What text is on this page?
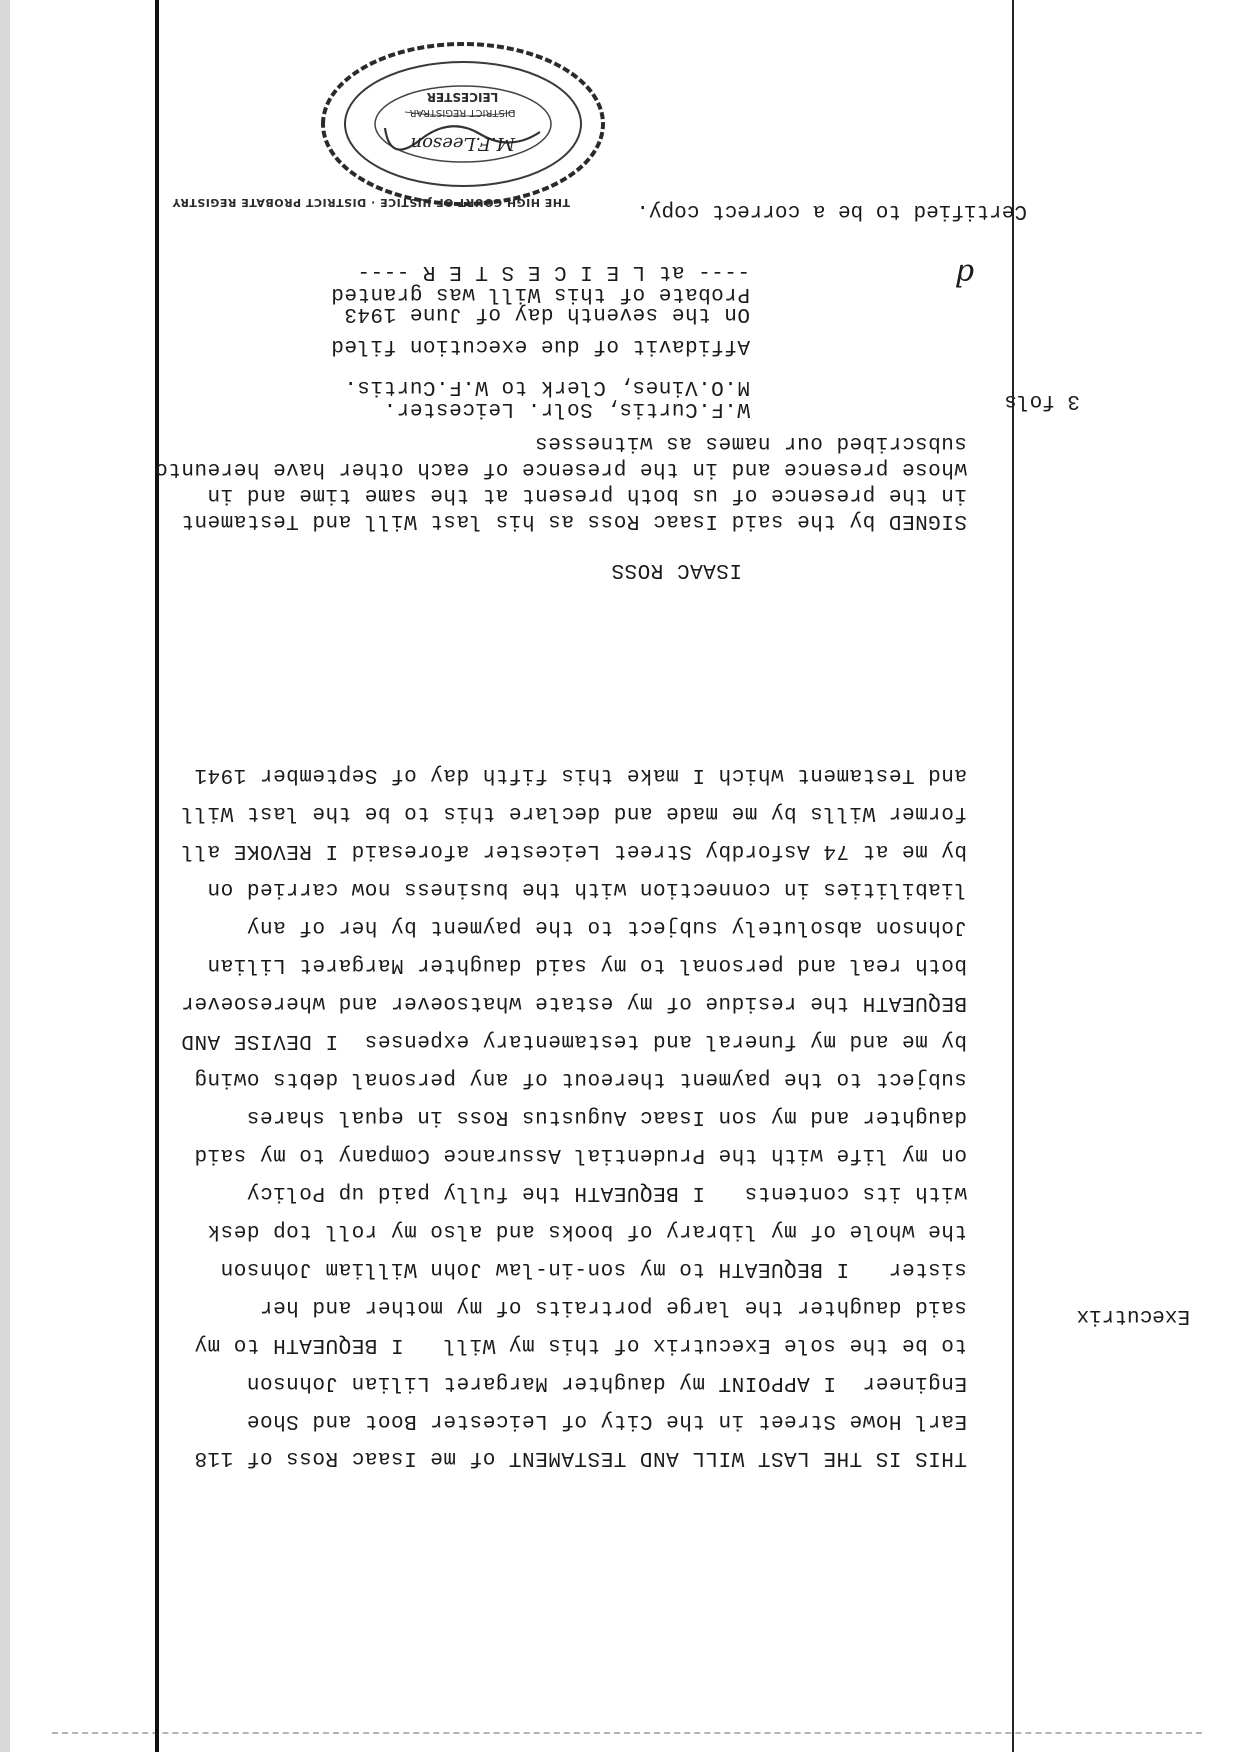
Executrix
3 fols
THIS IS THE LAST WILL AND TESTAMENT of me Isaac Ross of 118
Earl Howe Street in the City of Leicester Boot and Shoe
Engineer  I APPOINT my daughter Margaret Lilian Johnson
to be the sole Executrix of this my Will   I BEQUEATH to my
said daughter the large portraits of my mother and her
sister   I BEQUEATH to my son-in-law John William Johnson
the whole of my library of books and also my roll top desk
with its contents   I BEQUEATH the fully paid up Policy
on my life with the Prudential Assurance Company to my said
daughter and my son Isaac Augustus Ross in equal shares
subject to the payment thereout of any personal debts owing
by me and my funeral and testamentary expenses  I DEVISE AND
BEQUEATH the residue of my estate whatsoever and wheresoever
both real and personal to my said daughter Margaret Lilian
Johnson absolutely subject to the payment by her of any
liabilities in connection with the business now carried on
by me at 74 Asfordby Street Leicester aforesaid I REVOKE all
former Wills by me made and declare this to be the last Will
and Testament which I make this fifth day of September 1941
ISAAC ROSS
SIGNED by the said Isaac Ross as his last Will and Testament
in the presence of us both present at the same time and in
whose presence and in the presence of each other have hereunto
subscribed our names as witnesses
W.F.Curtis, Solr. Leicester.
M.O.Vines, Clerk to W.F.Curtis.
Affidavit of due execution filed
On the seventh day of June 1943
Probate of this Will was granted
---- at L E I C E S T E R ----	d
Certified to be a correct copy.
THE HIGH COURT OF JUSTICE · DISTRICT PROBATE REGISTRY
M.F.Leeson
DISTRICT REGISTRAR
LEICESTER
